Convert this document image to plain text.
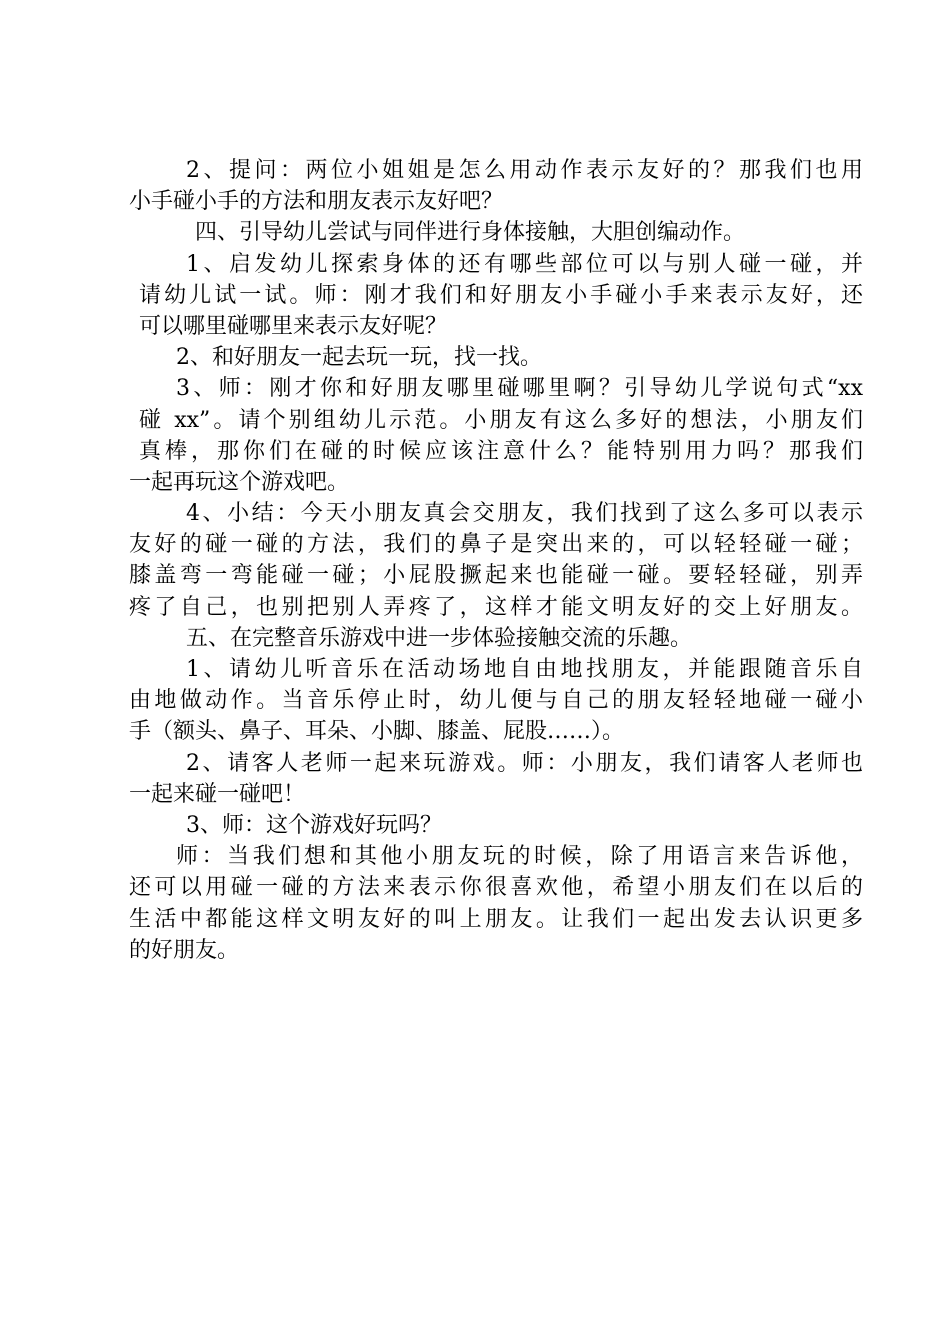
2、提问：两位小姐姐是怎么用动作表示友好的？那我们也用
小手碰小手的方法和朋友表示友好吧？
四、引导幼儿尝试与同伴进行身体接触，大胆创编动作。
1、启发幼儿探索身体的还有哪些部位可以与别人碰一碰，并
请幼儿试一试。师：刚才我们和好朋友小手碰小手来表示友好，还
可以哪里碰哪里来表示友好呢？
2、和好朋友一起去玩一玩，找一找。
3、师：刚才你和好朋友哪里碰哪里啊？引导幼儿学说句式“xx
碰 xx”。请个别组幼儿示范。小朋友有这么多好的想法，小朋友们
真棒，那你们在碰的时候应该注意什么？能特别用力吗？那我们
一起再玩这个游戏吧。
4、小结：今天小朋友真会交朋友，我们找到了这么多可以表示
友好的碰一碰的方法，我们的鼻子是突出来的，可以轻轻碰一碰；
膝盖弯一弯能碰一碰；小屁股撅起来也能碰一碰。要轻轻碰，别弄
疼了自己，也别把别人弄疼了，这样才能文明友好的交上好朋友。
五、在完整音乐游戏中进一步体验接触交流的乐趣。
1、请幼儿听音乐在活动场地自由地找朋友，并能跟随音乐自
由地做动作。当音乐停止时，幼儿便与自己的朋友轻轻地碰一碰小
手（额头、鼻子、耳朵、小脚、膝盖、屁股……）。
2、请客人老师一起来玩游戏。师：小朋友，我们请客人老师也
一起来碰一碰吧！
3、师：这个游戏好玩吗？
师：当我们想和其他小朋友玩的时候，除了用语言来告诉他，
还可以用碰一碰的方法来表示你很喜欢他，希望小朋友们在以后的
生活中都能这样文明友好的叫上朋友。让我们一起出发去认识更多
的好朋友。
